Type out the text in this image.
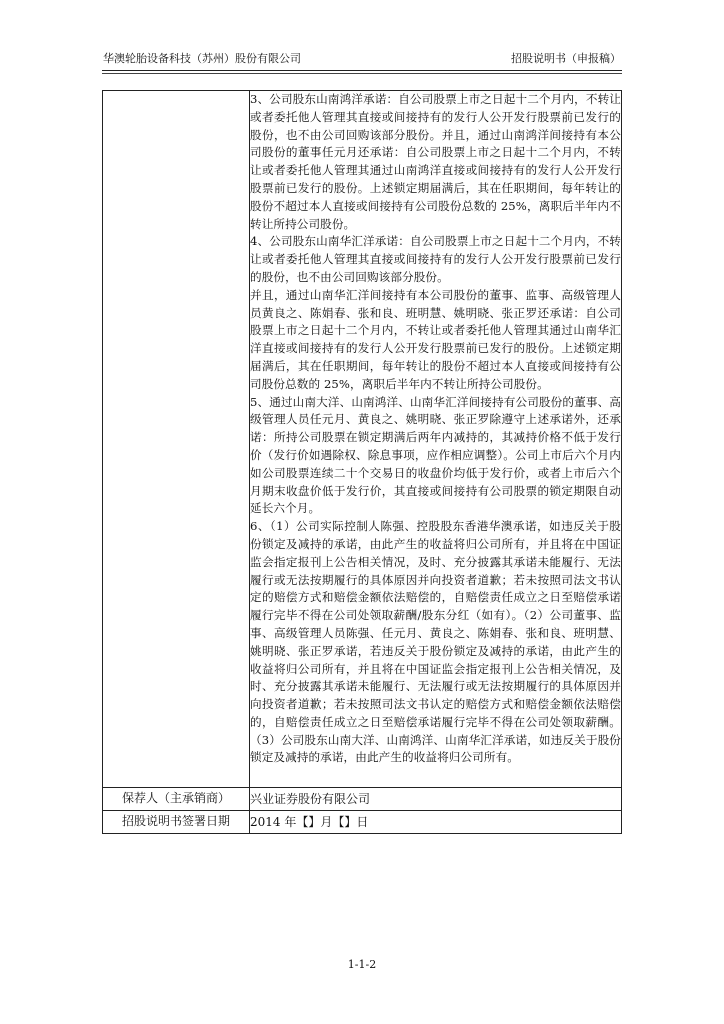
华澳轮胎设备科技（苏州）股份有限公司	招股说明书（申报稿）

	3、公司股东山南鸿洋承诺：自公司股票上市之日起十二个月内，不转让或者委托他人管理其直接或间接持有的发行人公开发行股票前已发行的股份，也不由公司回购该部分股份。并且，通过山南鸿洋间接持有本公司股份的董事任元月还承诺：自公司股票上市之日起十二个月内，不转让或者委托他人管理其通过山南鸿洋直接或间接持有的发行人公开发行股票前已发行的股份。上述锁定期届满后，其在任职期间，每年转让的股份不超过本人直接或间接持有公司股份总数的 25%，离职后半年内不转让所持公司股份。

4、公司股东山南华汇洋承诺：自公司股票上市之日起十二个月内，不转让或者委托他人管理其直接或间接持有的发行人公开发行股票前已发行的股份，也不由公司回购该部分股份。

并且，通过山南华汇洋间接持有本公司股份的董事、监事、高级管理人员黄良之、陈娟春、张和良、班明慧、姚明晓、张正罗还承诺：自公司股票上市之日起十二个月内，不转让或者委托他人管理其通过山南华汇洋直接或间接持有的发行人公开发行股票前已发行的股份。上述锁定期届满后，其在任职期间，每年转让的股份不超过本人直接或间接持有公司股份总数的 25%，离职后半年内不转让所持公司股份。

5、通过山南大洋、山南鸿洋、山南华汇洋间接持有公司股份的董事、高级管理人员任元月、黄良之、姚明晓、张正罗除遵守上述承诺外，还承诺：所持公司股票在锁定期满后两年内减持的，其减持价格不低于发行价（发行价如遇除权、除息事项，应作相应调整）。公司上市后六个月内如公司股票连续二十个交易日的收盘价均低于发行价，或者上市后六个月期末收盘价低于发行价，其直接或间接持有公司股票的锁定期限自动延长六个月。

6、（1）公司实际控制人陈强、控股股东香港华澳承诺，如违反关于股份锁定及减持的承诺，由此产生的收益将归公司所有，并且将在中国证监会指定报刊上公告相关情况，及时、充分披露其承诺未能履行、无法履行或无法按期履行的具体原因并向投资者道歉；若未按照司法文书认定的赔偿方式和赔偿金额依法赔偿的，自赔偿责任成立之日至赔偿承诺履行完毕不得在公司处领取薪酬/股东分红（如有）。（2）公司董事、监事、高级管理人员陈强、任元月、黄良之、陈娟春、张和良、班明慧、姚明晓、张正罗承诺，若违反关于股份锁定及减持的承诺，由此产生的收益将归公司所有，并且将在中国证监会指定报刊上公告相关情况，及时、充分披露其承诺未能履行、无法履行或无法按期履行的具体原因并向投资者道歉；若未按照司法文书认定的赔偿方式和赔偿金额依法赔偿的，自赔偿责任成立之日至赔偿承诺履行完毕不得在公司处领取薪酬。（3）公司股东山南大洋、山南鸿洋、山南华汇洋承诺，如违反关于股份锁定及减持的承诺，由此产生的收益将归公司所有。

保荐人（主承销商）	兴业证券股份有限公司
招股说明书签署日期	2014 年【】月【】日
1-1-2
